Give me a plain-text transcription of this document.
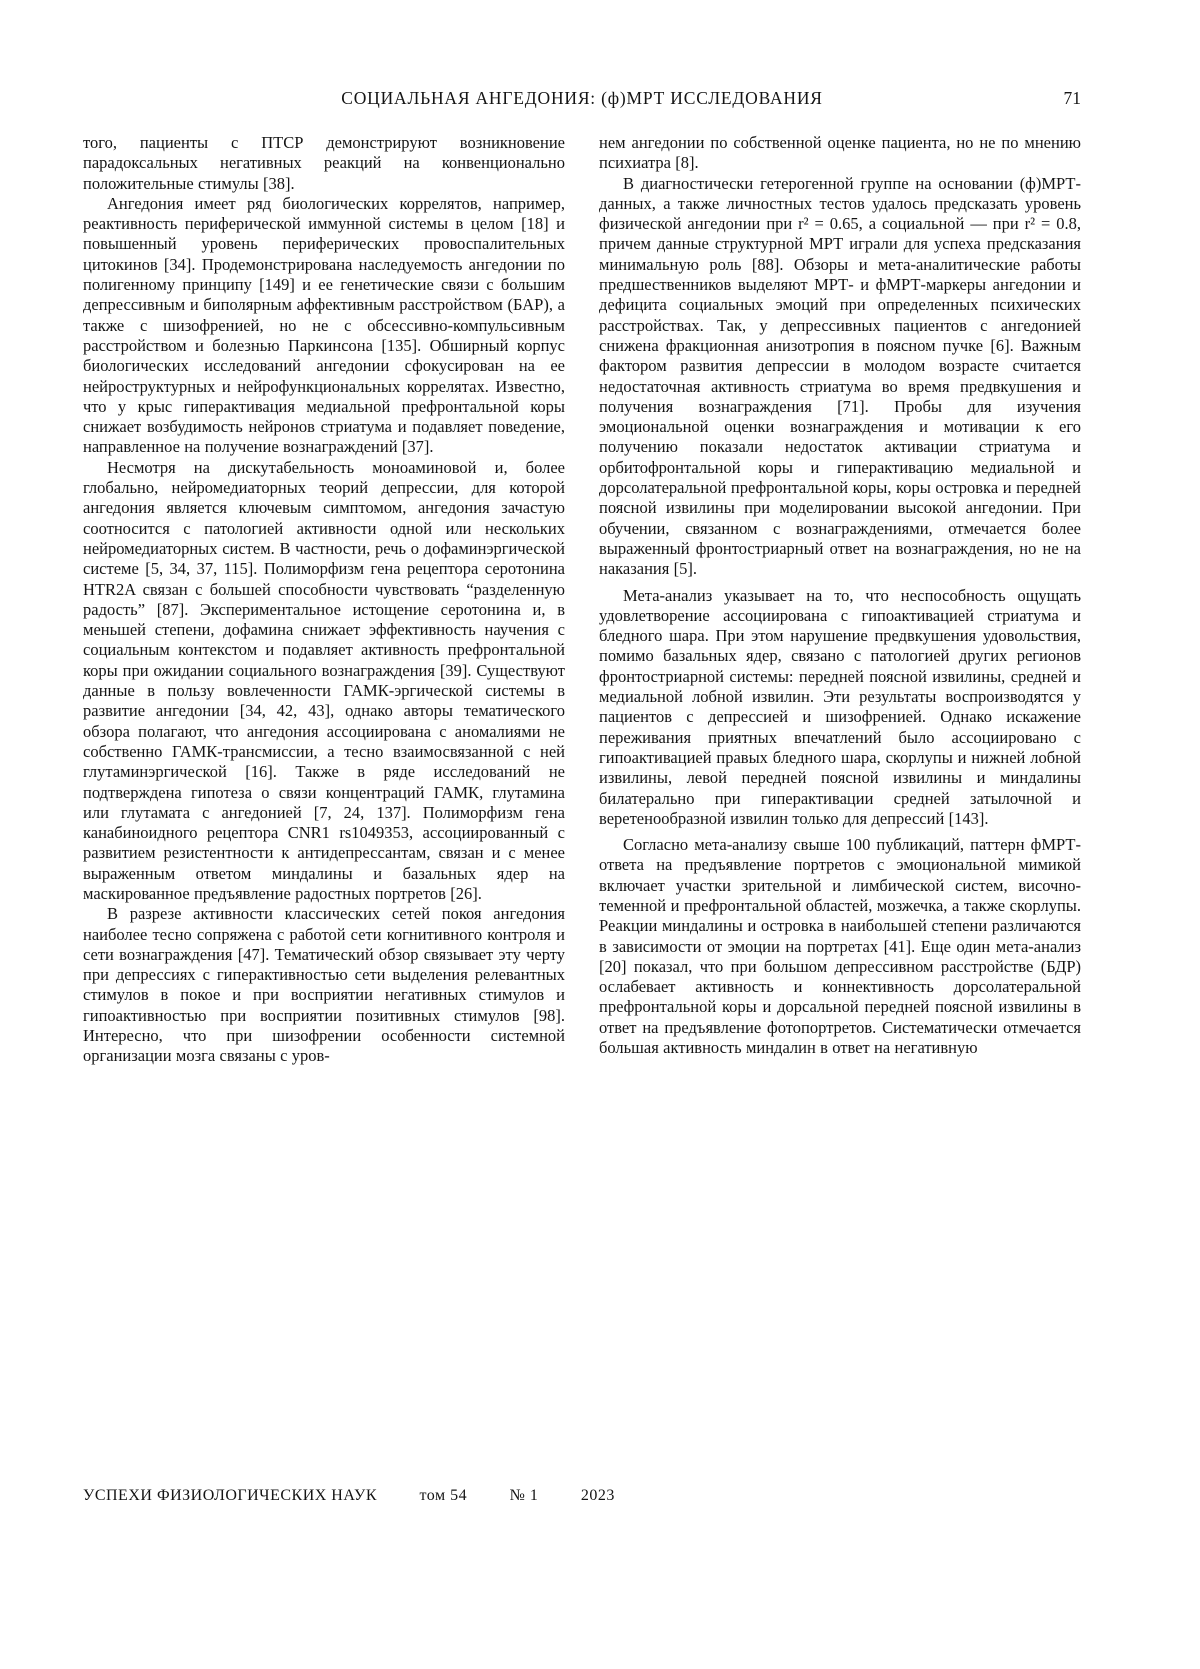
СОЦИАЛЬНАЯ АНГЕДОНИЯ: (ф)МРТ ИССЛЕДОВАНИЯ	71

того, пациенты с ПТСР демонстрируют возникновение парадоксальных негативных реакций на конвенционально положительные стимулы [38].

Ангедония имеет ряд биологических коррелятов, например, реактивность периферической иммунной системы в целом [18] и повышенный уровень периферических провоспалительных цитокинов [34]. Продемонстрирована наследуемость ангедонии по полигенному принципу [149] и ее генетические связи с большим депрессивным и биполярным аффективным расстройством (БАР), а также с шизофренией, но не с обсессивно-компульсивным расстройством и болезнью Паркинсона [135]. Обширный корпус биологических исследований ангедонии сфокусирован на ее нейроструктурных и нейрофункциональных коррелятах. Известно, что у крыс гиперактивация медиальной префронтальной коры снижает возбудимость нейронов стриатума и подавляет поведение, направленное на получение вознаграждений [37].

Несмотря на дискутабельность моноаминовой и, более глобально, нейромедиаторных теорий депрессии, для которой ангедония является ключевым симптомом, ангедония зачастую соотносится с патологией активности одной или нескольких нейромедиаторных систем. В частности, речь о дофаминэргической системе [5, 34, 37, 115]. Полиморфизм гена рецептора серотонина HTR2A связан с большей способности чувствовать “разделенную радость” [87]. Экспериментальное истощение серотонина и, в меньшей степени, дофамина снижает эффективность научения с социальным контекстом и подавляет активность префронтальной коры при ожидании социального вознаграждения [39]. Существуют данные в пользу вовлеченности ГАМК-эргической системы в развитие ангедонии [34, 42, 43], однако авторы тематического обзора полагают, что ангедония ассоциирована с аномалиями не собственно ГАМК-трансмиссии, а тесно взаимосвязанной с ней глутаминэргической [16]. Также в ряде исследований не подтверждена гипотеза о связи концентраций ГАМК, глутамина или глутамата с ангедонией [7, 24, 137]. Полиморфизм гена канабиноидного рецептора CNR1 rs1049353, ассоциированный с развитием резистентности к антидепрессантам, связан и с менее выраженным ответом миндалины и базальных ядер на маскированное предъявление радостных портретов [26].

В разрезе активности классических сетей покоя ангедония наиболее тесно сопряжена с работой сети когнитивного контроля и сети вознаграждения [47]. Тематический обзор связывает эту черту при депрессиях с гиперактивностью сети выделения релевантных стимулов в покое и при восприятии негативных стимулов и гипоактивностью при восприятии позитивных стимулов [98]. Интересно, что при шизофрении особенности системной организации мозга связаны с уров-

нем ангедонии по собственной оценке пациента, но не по мнению психиатра [8].

В диагностически гетерогенной группе на основании (ф)МРТ-данных, а также личностных тестов удалось предсказать уровень физической ангедонии при r² = 0.65, а социальной — при r² = 0.8, причем данные структурной МРТ играли для успеха предсказания минимальную роль [88]. Обзоры и мета-аналитические работы предшественников выделяют МРТ- и фМРТ-маркеры ангедонии и дефицита социальных эмоций при определенных психических расстройствах. Так, у депрессивных пациентов с ангедонией снижена фракционная анизотропия в поясном пучке [6]. Важным фактором развития депрессии в молодом возрасте считается недостаточная активность стриатума во время предвкушения и получения вознаграждения [71]. Пробы для изучения эмоциональной оценки вознаграждения и мотивации к его получению показали недостаток активации стриатума и орбитофронтальной коры и гиперактивацию медиальной и дорсолатеральной префронтальной коры, коры островка и передней поясной извилины при моделировании высокой ангедонии. При обучении, связанном с вознаграждениями, отмечается более выраженный фронтостриарный ответ на вознаграждения, но не на наказания [5].

Мета-анализ указывает на то, что неспособность ощущать удовлетворение ассоциирована с гипоактивацией стриатума и бледного шара. При этом нарушение предвкушения удовольствия, помимо базальных ядер, связано с патологией других регионов фронтостриарной системы: передней поясной извилины, средней и медиальной лобной извилин. Эти результаты воспроизводятся у пациентов с депрессией и шизофренией. Однако искажение переживания приятных впечатлений было ассоциировано с гипоактивацией правых бледного шара, скорлупы и нижней лобной извилины, левой передней поясной извилины и миндалины билатерально при гиперактивации средней затылочной и веретенообразной извилин только для депрессий [143].

Согласно мета-анализу свыше 100 публикаций, паттерн фМРТ-ответа на предъявление портретов с эмоциональной мимикой включает участки зрительной и лимбической систем, височно-теменной и префронтальной областей, мозжечка, а также скорлупы. Реакции миндалины и островка в наибольшей степени различаются в зависимости от эмоции на портретах [41]. Еще один мета-анализ [20] показал, что при большом депрессивном расстройстве (БДР) ослабевает активность и коннективность дорсолатеральной префронтальной коры и дорсальной передней поясной извилины в ответ на предъявление фотопортретов. Систематически отмечается большая активность миндалин в ответ на негативную

УСПЕХИ ФИЗИОЛОГИЧЕСКИХ НАУК	том 54	№ 1	2023
